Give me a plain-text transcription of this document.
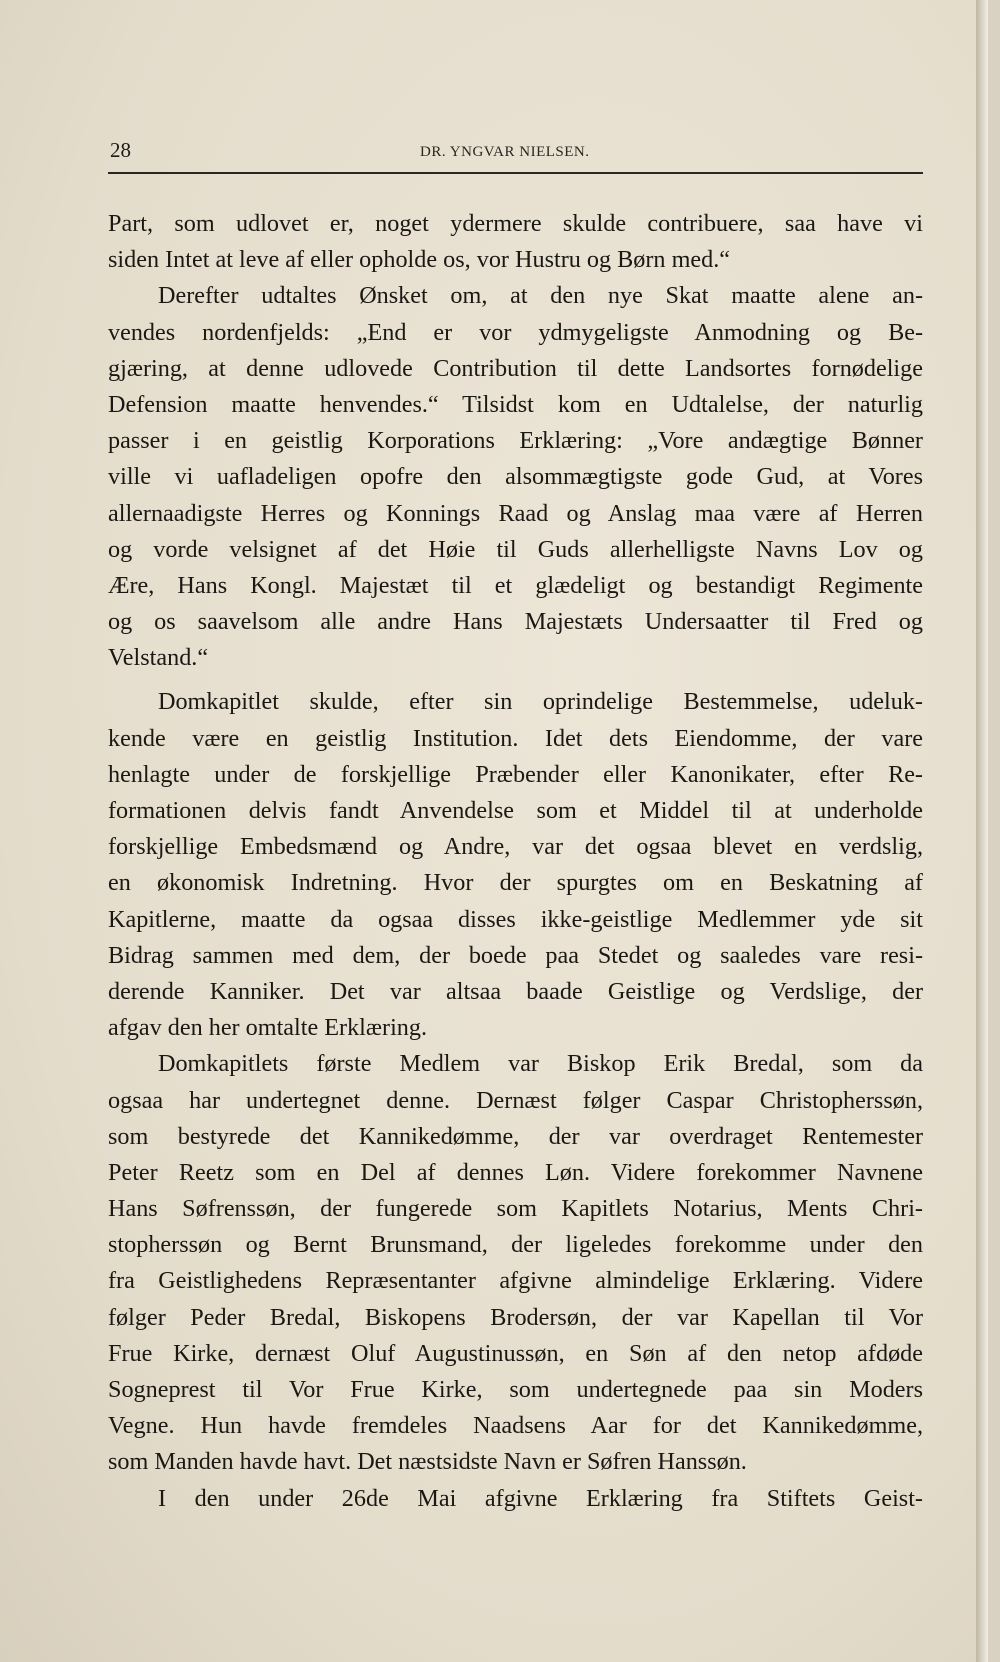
28	DR. YNGVAR NIELSEN.
Part, som udlovet er, noget ydermere skulde contribuere, saa have vi
siden Intet at leve af eller opholde os, vor Hustru og Børn med.“
Derefter udtaltes Ønsket om, at den nye Skat maatte alene an-
vendes nordenfjelds: „End er vor ydmygeligste Anmodning og Be-
gjæring, at denne udlovede Contribution til dette Landsortes fornødelige
Defension maatte henvendes.“ Tilsidst kom en Udtalelse, der naturlig
passer i en geistlig Korporations Erklæring: „Vore andægtige Bønner
ville vi uafladeligen opofre den alsommægtigste gode Gud, at Vores
allernaadigste Herres og Konnings Raad og Anslag maa være af Herren
og vorde velsignet af det Høie til Guds allerhelligste Navns Lov og
Ære, Hans Kongl. Majestæt til et glædeligt og bestandigt Regimente
og os saavelsom alle andre Hans Majestæts Undersaatter til Fred og
Velstand.“
Domkapitlet skulde, efter sin oprindelige Bestemmelse, udeluk-
kende være en geistlig Institution. Idet dets Eiendomme, der vare
henlagte under de forskjellige Præbender eller Kanonikater, efter Re-
formationen delvis fandt Anvendelse som et Middel til at underholde
forskjellige Embedsmænd og Andre, var det ogsaa blevet en verdslig,
en økonomisk Indretning. Hvor der spurgtes om en Beskatning af
Kapitlerne, maatte da ogsaa disses ikke-geistlige Medlemmer yde sit
Bidrag sammen med dem, der boede paa Stedet og saaledes vare resi-
derende Kanniker. Det var altsaa baade Geistlige og Verdslige, der
afgav den her omtalte Erklæring.
Domkapitlets første Medlem var Biskop Erik Bredal, som da
ogsaa har undertegnet denne. Dernæst følger Caspar Christopherssøn,
som bestyrede det Kannikedømme, der var overdraget Rentemester
Peter Reetz som en Del af dennes Løn. Videre forekommer Navnene
Hans Søfrenssøn, der fungerede som Kapitlets Notarius, Ments Chri-
stopherssøn og Bernt Brunsmand, der ligeledes forekomme under den
fra Geistlighedens Repræsentanter afgivne almindelige Erklæring. Videre
følger Peder Bredal, Biskopens Brodersøn, der var Kapellan til Vor
Frue Kirke, dernæst Oluf Augustinussøn, en Søn af den netop afdøde
Sogneprest til Vor Frue Kirke, som undertegnede paa sin Moders
Vegne. Hun havde fremdeles Naadsens Aar for det Kannikedømme,
som Manden havde havt. Det næstsidste Navn er Søfren Hanssøn.
I den under 26de Mai afgivne Erklæring fra Stiftets Geist-
